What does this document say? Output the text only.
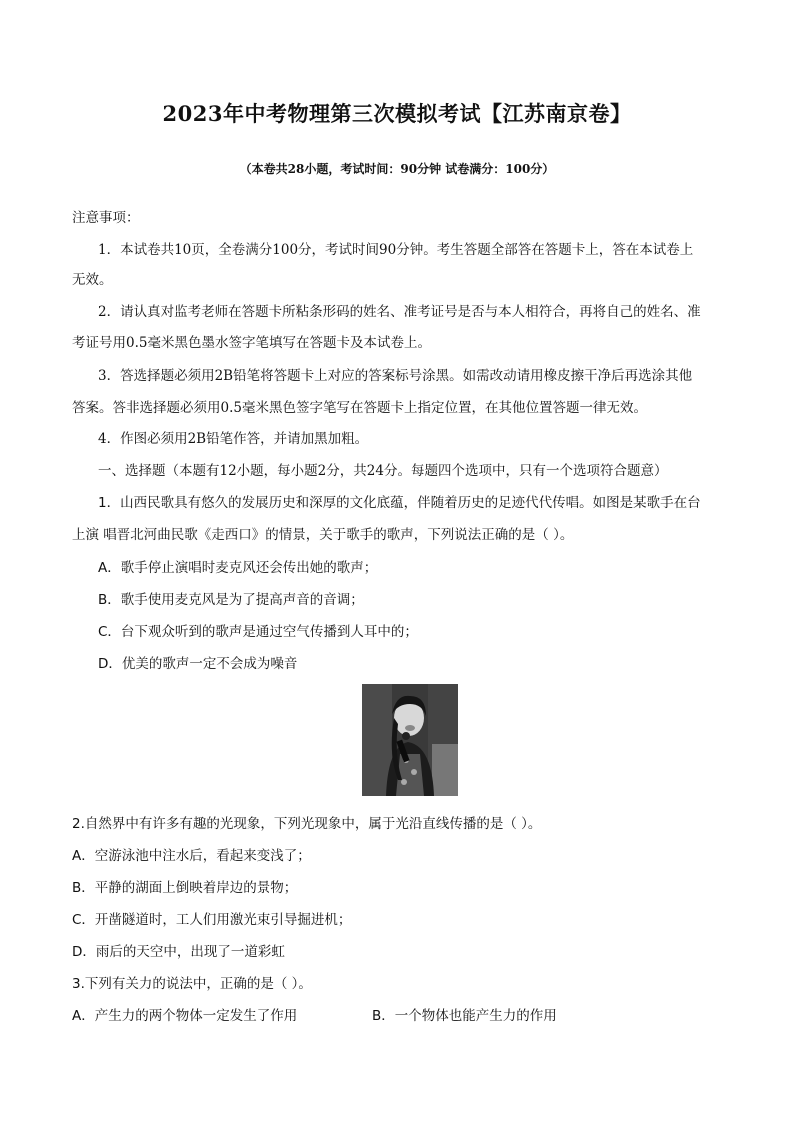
2023年中考物理第三次模拟考试【江苏南京卷】

（本卷共28小题，考试时间：90分钟 试卷满分：100分）

注意事项：

1．本试卷共10页，全卷满分100分，考试时间90分钟。考生答题全部答在答题卡上，答在本试卷上

无效。

2．请认真对监考老师在答题卡所粘条形码的姓名、准考证号是否与本人相符合，再将自己的姓名、准

考证号用0.5毫米黑色墨水签字笔填写在答题卡及本试卷上。

3．答选择题必须用2B铅笔将答题卡上对应的答案标号涂黑。如需改动请用橡皮擦干净后再选涂其他

答案。答非选择题必须用0.5毫米黑色签字笔写在答题卡上指定位置，在其他位置答题一律无效。

4．作图必须用2B铅笔作答，并请加黑加粗。

一、选择题（本题有12小题，每小题2分，共24分。每题四个选项中，只有一个选项符合题意）

1．山西民歌具有悠久的发展历史和深厚的文化底蕴，伴随着历史的足迹代代传唱。如图是某歌手在台

上演 唱晋北河曲民歌《走西口》的情景，关于歌手的歌声，下列说法正确的是（ ）。

A．歌手停止演唱时麦克风还会传出她的歌声；

B．歌手使用麦克风是为了提高声音的音调；

C．台下观众听到的歌声是通过空气传播到人耳中的；

D．优美的歌声一定不会成为噪音

2.自然界中有许多有趣的光现象，下列光现象中，属于光沿直线传播的是（ ）。

A．空游泳池中注水后，看起来变浅了；

B．平静的湖面上倒映着岸边的景物；

C．开凿隧道时，工人们用激光束引导掘进机；

D．雨后的天空中，出现了一道彩虹

3.下列有关力的说法中，正确的是（ ）。

A．产生力的两个物体一定发生了作用	B．一个物体也能产生力的作用
